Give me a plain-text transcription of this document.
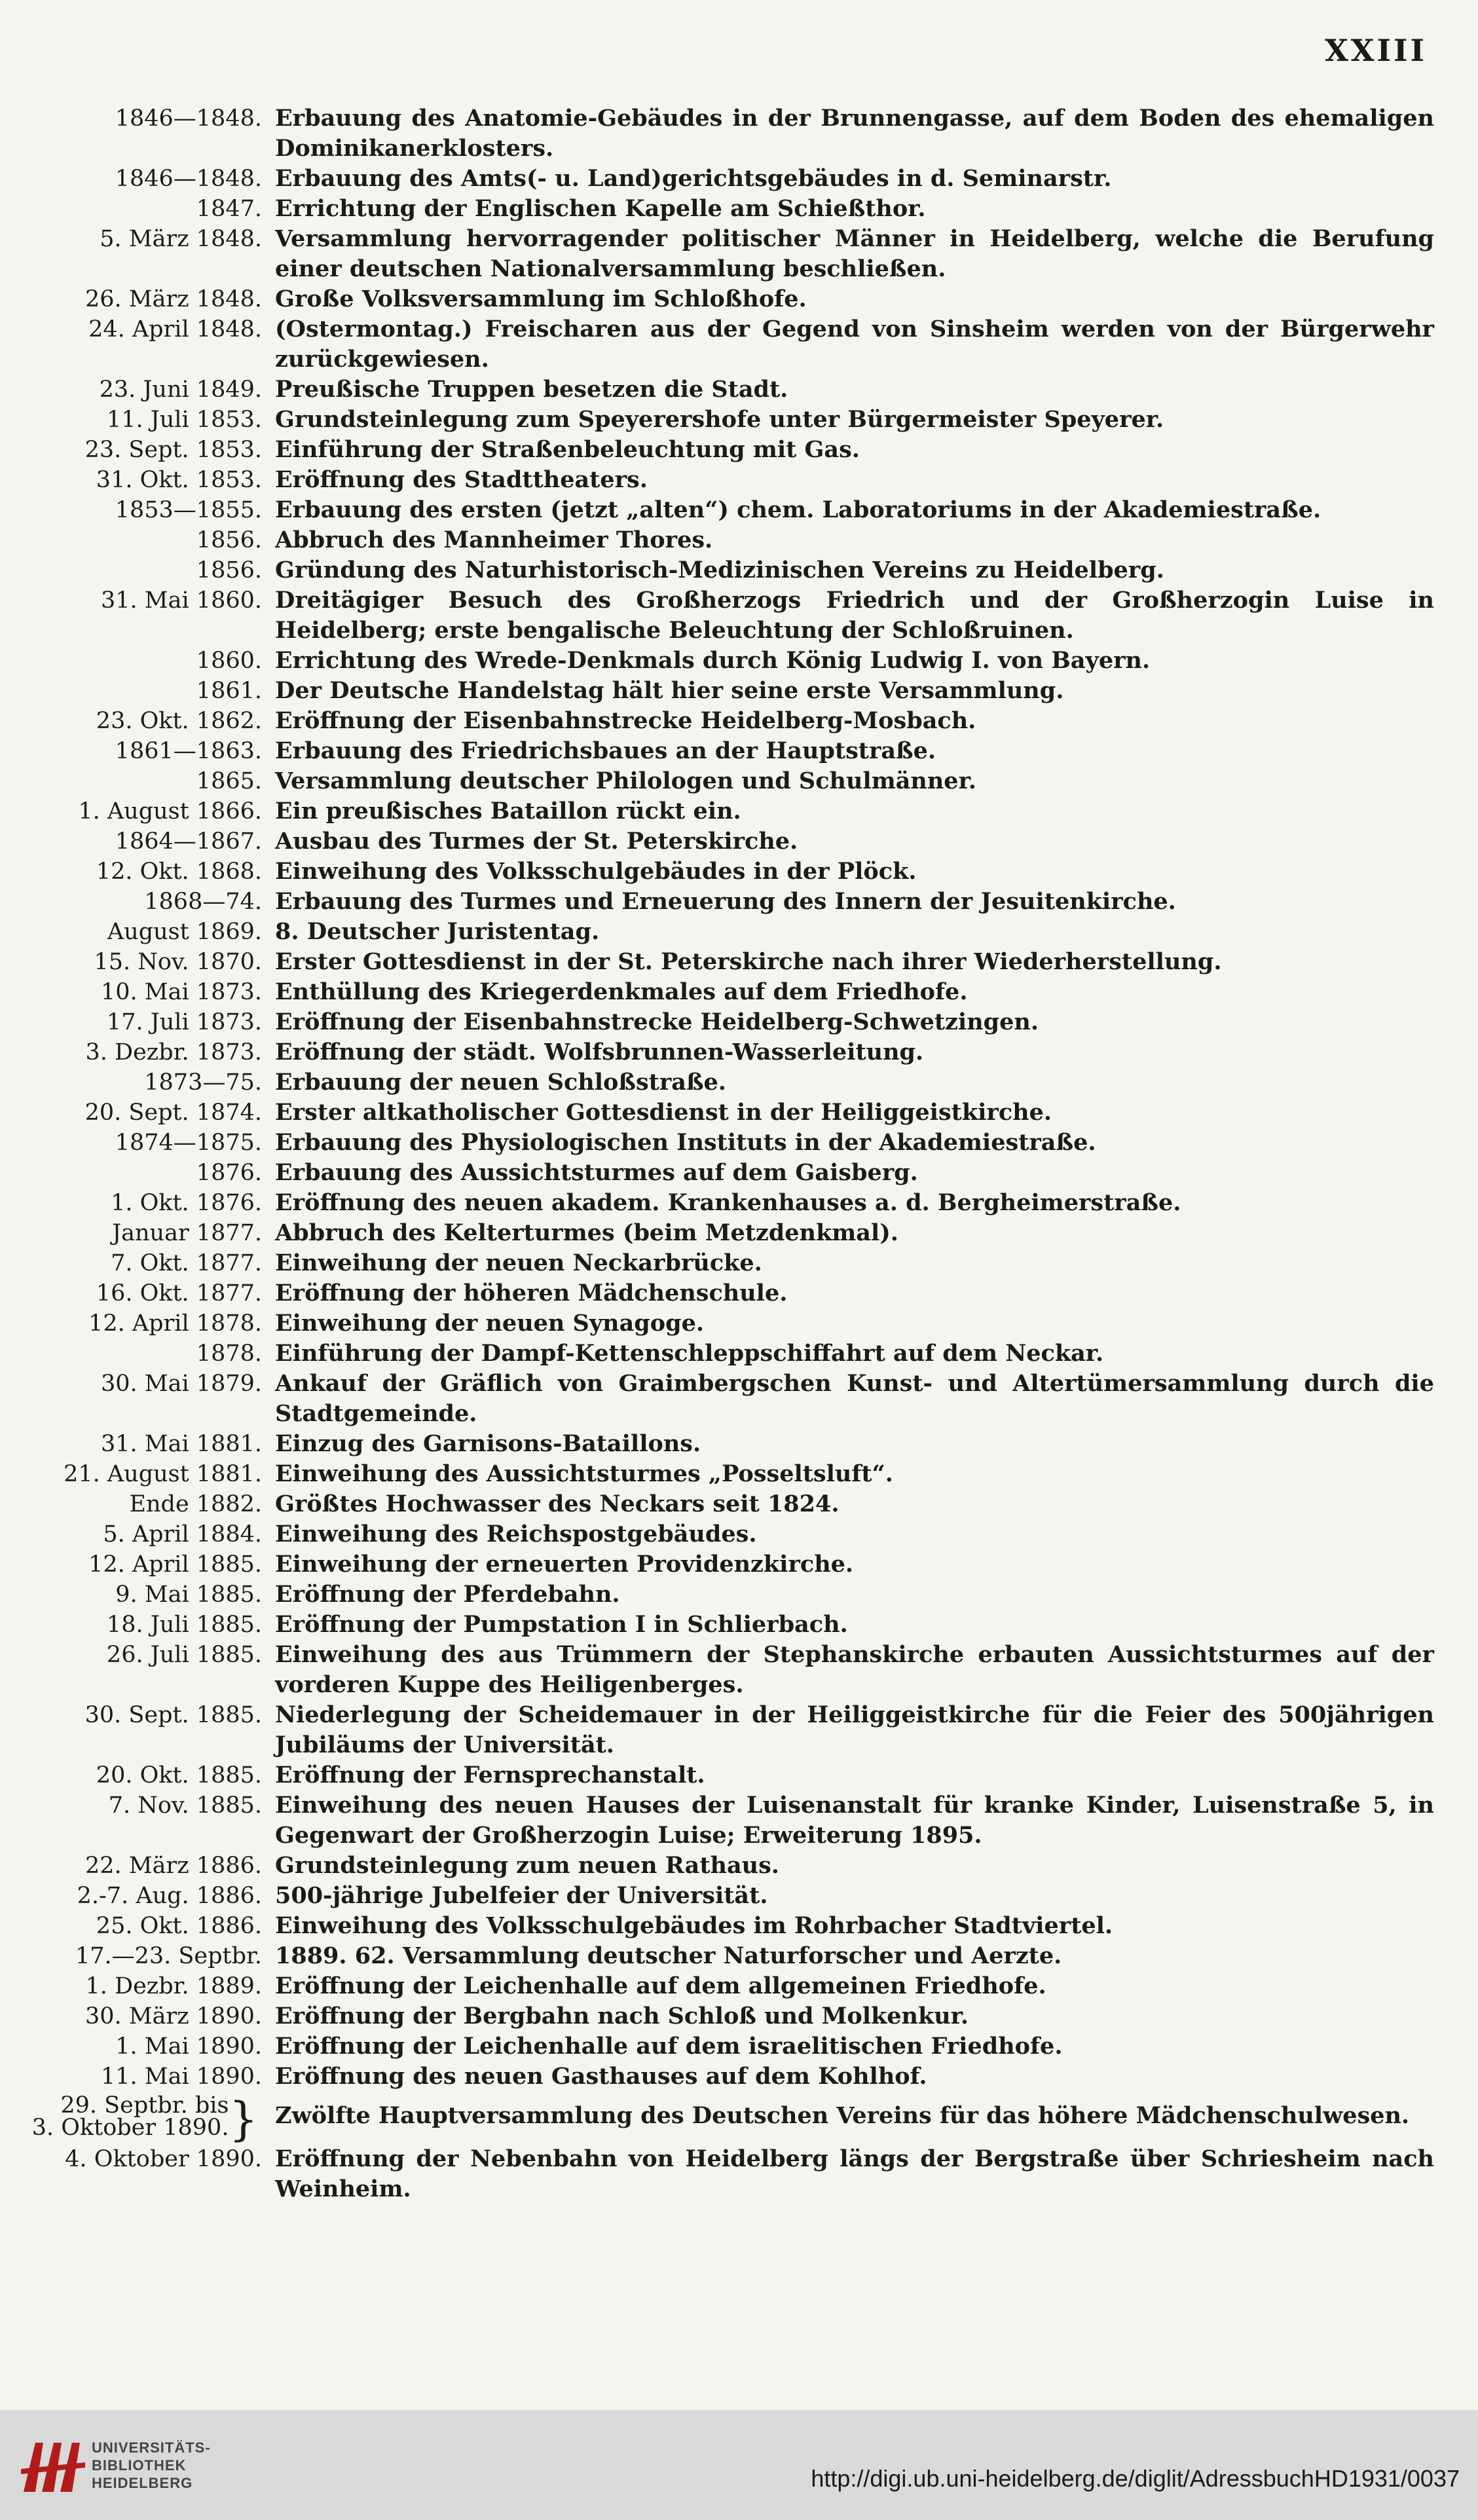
XXIII
1846—1848. Erbauung des Anatomie-Gebäudes in der Brunnengasse, auf dem Boden des ehemaligen Dominikanerklosters.
1846—1848. Erbauung des Amts(- u. Land)gerichtsgebäudes in d. Seminarstr.
1847. Errichtung der Englischen Kapelle am Schießthor.
5. März 1848. Versammlung hervorragender politischer Männer in Heidelberg, welche die Berufung einer deutschen Nationalversammlung beschließen.
26. März 1848. Große Volksversammlung im Schloßhofe.
24. April 1848. (Ostermontag.) Freischaren aus der Gegend von Sinsheim werden von der Bürgerwehr zurückgewiesen.
23. Juni 1849. Preußische Truppen besetzen die Stadt.
11. Juli 1853. Grundsteinlegung zum Speyerershofe unter Bürgermeister Speyerer.
23. Sept. 1853. Einführung der Straßenbeleuchtung mit Gas.
31. Okt. 1853. Eröffnung des Stadttheaters.
1853—1855. Erbauung des ersten (jetzt „alten“) chem. Laboratoriums in der Akademiestraße.
1856. Abbruch des Mannheimer Thores.
1856. Gründung des Naturhistorisch-Medizinischen Vereins zu Heidelberg.
31. Mai 1860. Dreitägiger Besuch des Großherzogs Friedrich und der Großherzogin Luise in Heidelberg; erste bengalische Beleuchtung der Schloßruinen.
1860. Errichtung des Wrede-Denkmals durch König Ludwig I. von Bayern.
1861. Der Deutsche Handelstag hält hier seine erste Versammlung.
23. Okt. 1862. Eröffnung der Eisenbahnstrecke Heidelberg-Mosbach.
1861—1863. Erbauung des Friedrichsbaues an der Hauptstraße.
1865. Versammlung deutscher Philologen und Schulmänner.
1. August 1866. Ein preußisches Bataillon rückt ein.
1864—1867. Ausbau des Turmes der St. Peterskirche.
12. Okt. 1868. Einweihung des Volksschulgebäudes in der Plöck.
1868—74. Erbauung des Turmes und Erneuerung des Innern der Jesuitenkirche.
August 1869. 8. Deutscher Juristentag.
15. Nov. 1870. Erster Gottesdienst in der St. Peterskirche nach ihrer Wiederherstellung.
10. Mai 1873. Enthüllung des Kriegerdenkmales auf dem Friedhofe.
17. Juli 1873. Eröffnung der Eisenbahnstrecke Heidelberg-Schwetzingen.
3. Dezbr. 1873. Eröffnung der städt. Wolfsbrunnen-Wasserleitung.
1873—75. Erbauung der neuen Schloßstraße.
20. Sept. 1874. Erster altkatholischer Gottesdienst in der Heiliggeistkirche.
1874—1875. Erbauung des Physiologischen Instituts in der Akademiestraße.
1876. Erbauung des Aussichtsturmes auf dem Gaisberg.
1. Okt. 1876. Eröffnung des neuen akadem. Krankenhauses a. d. Bergheimerstraße.
Januar 1877. Abbruch des Kelterturmes (beim Metzdenkmal).
7. Okt. 1877. Einweihung der neuen Neckarbrücke.
16. Okt. 1877. Eröffnung der höheren Mädchenschule.
12. April 1878. Einweihung der neuen Synagoge.
1878. Einführung der Dampf-Kettenschleppschiffahrt auf dem Neckar.
30. Mai 1879. Ankauf der Gräflich von Graimbergschen Kunst- und Altertümersammlung durch die Stadtgemeinde.
31. Mai 1881. Einzug des Garnisons-Bataillons.
21. August 1881. Einweihung des Aussichtsturmes „Posseltsluft“.
Ende 1882. Größtes Hochwasser des Neckars seit 1824.
5. April 1884. Einweihung des Reichspostgebäudes.
12. April 1885. Einweihung der erneuerten Providenzkirche.
9. Mai 1885. Eröffnung der Pferdebahn.
18. Juli 1885. Eröffnung der Pumpstation I in Schlierbach.
26. Juli 1885. Einweihung des aus Trümmern der Stephanskirche erbauten Aussichtsturmes auf der vorderen Kuppe des Heiligenberges.
30. Sept. 1885. Niederlegung der Scheidemauer in der Heiliggeistkirche für die Feier des 500jährigen Jubiläums der Universität.
20. Okt. 1885. Eröffnung der Fernsprechanstalt.
7. Nov. 1885. Einweihung des neuen Hauses der Luisenanstalt für kranke Kinder, Luisenstraße 5, in Gegenwart der Großherzogin Luise; Erweiterung 1895.
22. März 1886. Grundsteinlegung zum neuen Rathaus.
2.-7. Aug. 1886. 500-jährige Jubelfeier der Universität.
25. Okt. 1886. Einweihung des Volksschulgebäudes im Rohrbacher Stadtviertel.
17.—23. Septbr. 1889. 62. Versammlung deutscher Naturforscher und Aerzte.
1. Dezbr. 1889. Eröffnung der Leichenhalle auf dem allgemeinen Friedhofe.
30. März 1890. Eröffnung der Bergbahn nach Schloß und Molkenkur.
1. Mai 1890. Eröffnung der Leichenhalle auf dem israelitischen Friedhofe.
11. Mai 1890. Eröffnung des neuen Gasthauses auf dem Kohlhof.
29. Septbr. bis
3. Oktober 1890. } Zwölfte Hauptversammlung des Deutschen Vereins für das höhere Mädchenschulwesen.
4. Oktober 1890. Eröffnung der Nebenbahn von Heidelberg längs der Bergstraße über Schriesheim nach Weinheim.
UNIVERSITÄTS-
BIBLIOTHEK
HEIDELBERG	http://digi.ub.uni-heidelberg.de/diglit/AdressbuchHD1931/0037
